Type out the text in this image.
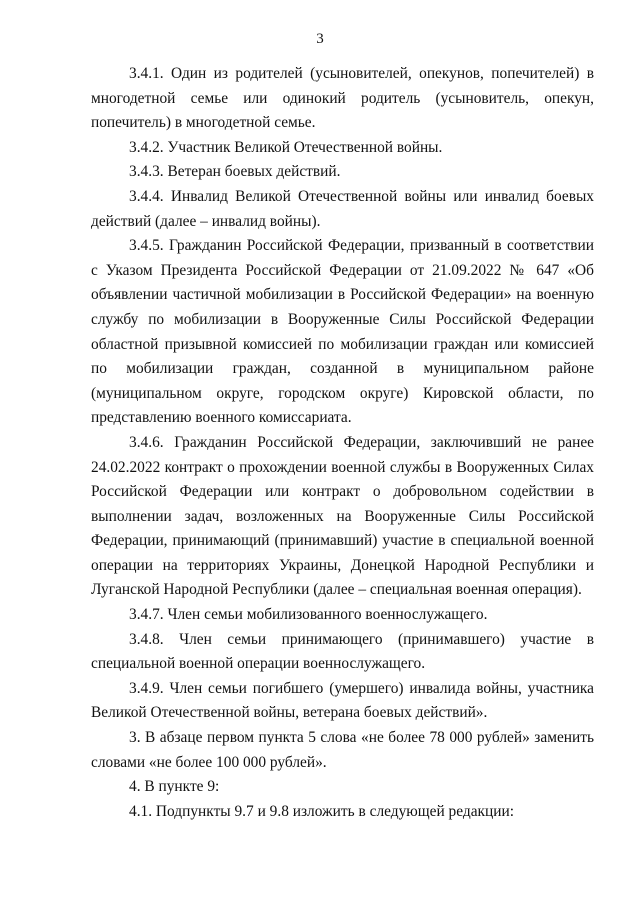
3

3.4.1. Один из родителей (усыновителей, опекунов, попечителей) в многодетной семье или одинокий родитель (усыновитель, опекун, попечитель) в многодетной семье.

3.4.2. Участник Великой Отечественной войны.

3.4.3. Ветеран боевых действий.

3.4.4. Инвалид Великой Отечественной войны или инвалид боевых действий (далее – инвалид войны).

3.4.5. Гражданин Российской Федерации, призванный в соответствии с Указом Президента Российской Федерации от 21.09.2022 № 647 «Об объявлении частичной мобилизации в Российской Федерации» на военную службу по мобилизации в Вооруженные Силы Российской Федерации областной призывной комиссией по мобилизации граждан или комиссией по мобилизации граждан, созданной в муниципальном районе (муниципальном округе, городском округе) Кировской области, по представлению военного комиссариата.

3.4.6. Гражданин Российской Федерации, заключивший не ранее 24.02.2022 контракт о прохождении военной службы в Вооруженных Силах Российской Федерации или контракт о добровольном содействии в выполнении задач, возложенных на Вооруженные Силы Российской Федерации, принимающий (принимавший) участие в специальной военной операции на территориях Украины, Донецкой Народной Республики и Луганской Народной Республики (далее – специальная военная операция).

3.4.7. Член семьи мобилизованного военнослужащего.

3.4.8. Член семьи принимающего (принимавшего) участие в специальной военной операции военнослужащего.

3.4.9. Член семьи погибшего (умершего) инвалида войны, участника Великой Отечественной войны, ветерана боевых действий».

3. В абзаце первом пункта 5 слова «не более 78 000 рублей» заменить словами «не более 100 000 рублей».

4. В пункте 9:

4.1. Подпункты 9.7 и 9.8 изложить в следующей редакции:
